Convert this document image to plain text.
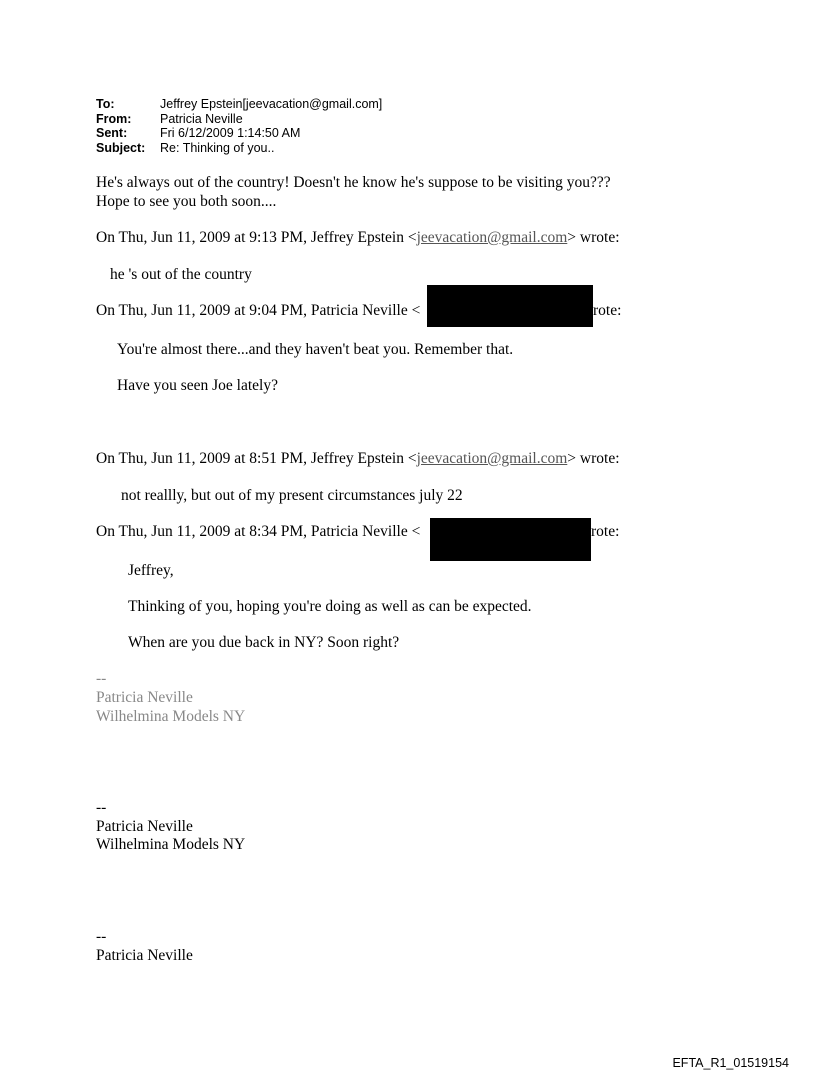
To:	Jeffrey Epstein[jeevacation@gmail.com]
From:	Patricia Neville
Sent:	Fri 6/12/2009 1:14:50 AM
Subject:	Re: Thinking of you..
He's always out of the country! Doesn't he know he's suppose to be visiting you???
Hope to see you both soon....
On Thu, Jun 11, 2009 at 9:13 PM, Jeffrey Epstein <jeevacation@gmail.com> wrote:
he 's out of the country
On Thu, Jun 11, 2009 at 9:04 PM, Patricia Neville <	rote:
You're almost there...and they haven't beat you. Remember that.
Have you seen Joe lately?
On Thu, Jun 11, 2009 at 8:51 PM, Jeffrey Epstein <jeevacation@gmail.com> wrote:
not reallly, but out of my present circumstances july 22
On Thu, Jun 11, 2009 at 8:34 PM, Patricia Neville <	rote:
Jeffrey,
Thinking of you, hoping you're doing as well as can be expected.
When are you due back in NY? Soon right?
--
Patricia Neville
Wilhelmina Models NY
--
Patricia Neville
Wilhelmina Models NY
--
Patricia Neville
EFTA_R1_01519154
